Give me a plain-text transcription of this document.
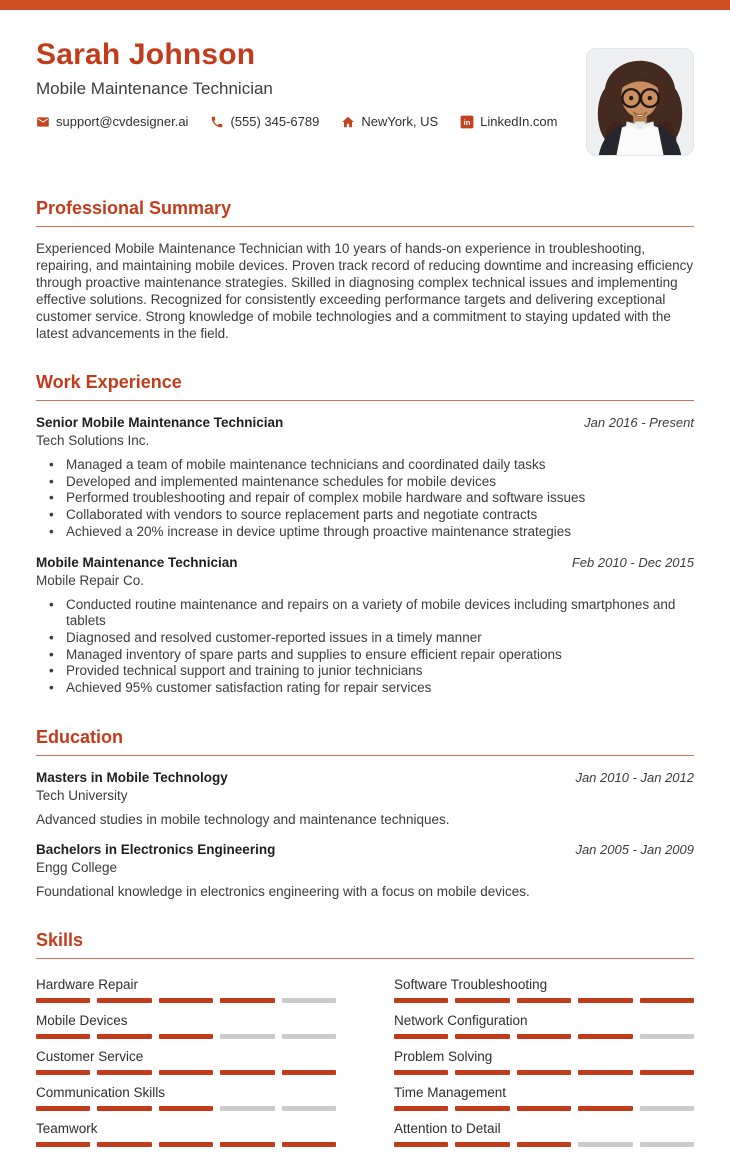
Sarah Johnson
Mobile Maintenance Technician
support@cvdesigner.ai	(555) 345-6789	NewYork, US in LinkedIn.com
Professional Summary

Experienced Mobile Maintenance Technician with 10 years of hands-on experience in troubleshooting, repairing, and maintaining mobile devices. Proven track record of reducing downtime and increasing efficiency through proactive maintenance strategies. Skilled in diagnosing complex technical issues and implementing effective solutions. Recognized for consistently exceeding performance targets and delivering exceptional customer service. Strong knowledge of mobile technologies and a commitment to staying updated with the latest advancements in the field.

Work Experience
Senior Mobile Maintenance Technician	Jan 2016 - Present
Tech Solutions Inc.
• Managed a team of mobile maintenance technicians and coordinated daily tasks
• Developed and implemented maintenance schedules for mobile devices
• Performed troubleshooting and repair of complex mobile hardware and software issues
• Collaborated with vendors to source replacement parts and negotiate contracts
• Achieved a 20% increase in device uptime through proactive maintenance strategies
Mobile Maintenance Technician	Feb 2010 - Dec 2015
Mobile Repair Co.
• Conducted routine maintenance and repairs on a variety of mobile devices including smartphones and tablets
• Diagnosed and resolved customer-reported issues in a timely manner
• Managed inventory of spare parts and supplies to ensure efficient repair operations
• Provided technical support and training to junior technicians
• Achieved 95% customer satisfaction rating for repair services
Education
Masters in Mobile Technology	Jan 2010 - Jan 2012
Tech University
Advanced studies in mobile technology and maintenance techniques.
Bachelors in Electronics Engineering	Jan 2005 - Jan 2009
Engg College
Foundational knowledge in electronics engineering with a focus on mobile devices.
Skills
Hardware Repair
Mobile Devices
Customer Service
Communication Skills
Teamwork
Software Troubleshooting
Network Configuration
Problem Solving
Time Management
Attention to Detail
